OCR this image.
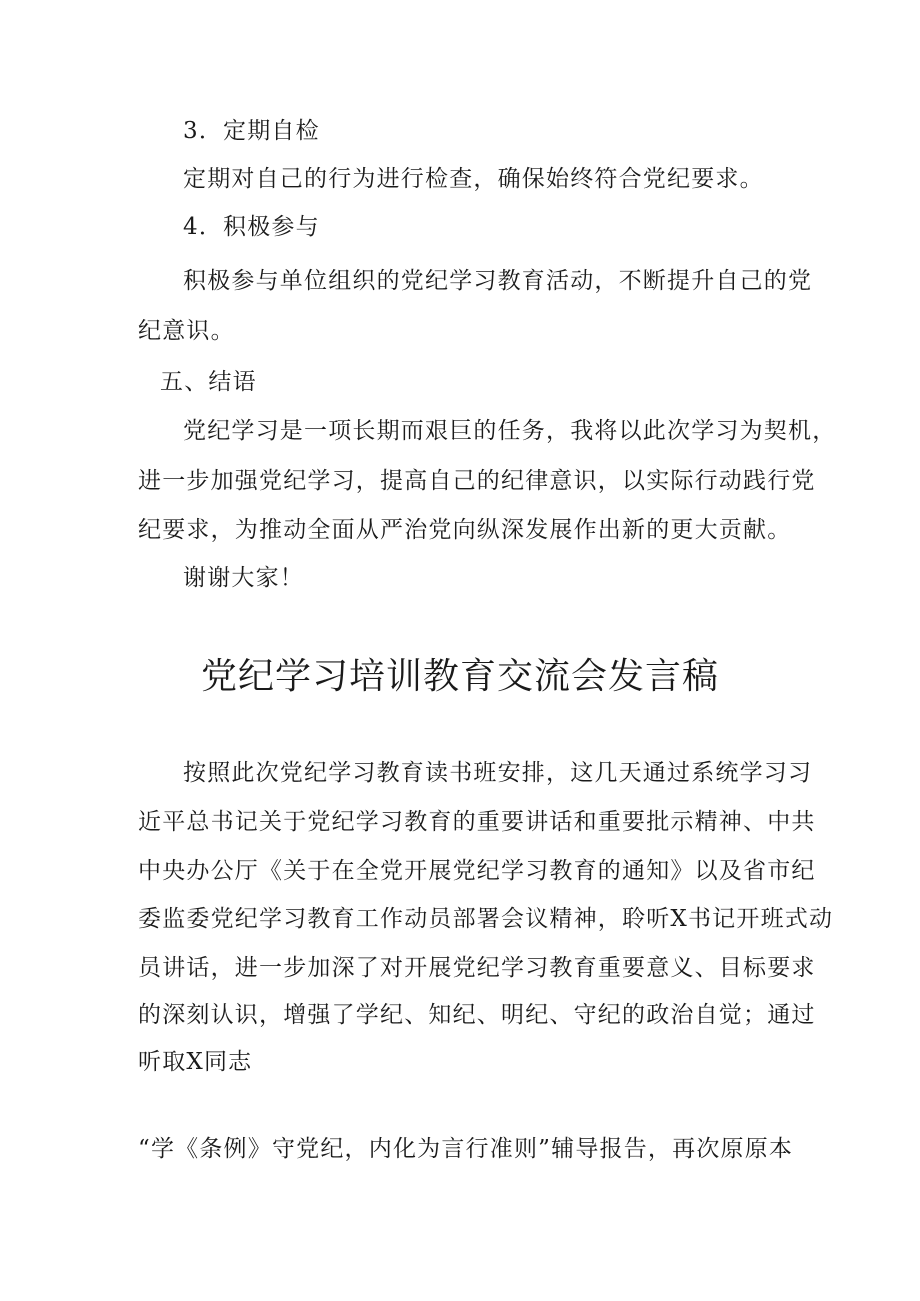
3．定期自检
定期对自己的行为进行检查，确保始终符合党纪要求。
4．积极参与
积极参与单位组织的党纪学习教育活动，不断提升自己的党
纪意识。
五、结语
党纪学习是一项长期而艰巨的任务，我将以此次学习为契机，
进一步加强党纪学习，提高自己的纪律意识，以实际行动践行党
纪要求，为推动全面从严治党向纵深发展作出新的更大贡献。
谢谢大家！
党纪学习培训教育交流会发言稿
按照此次党纪学习教育读书班安排，这几天通过系统学习习
近平总书记关于党纪学习教育的重要讲话和重要批示精神、中共
中央办公厅《关于在全党开展党纪学习教育的通知》以及省市纪
委监委党纪学习教育工作动员部署会议精神，聆听X书记开班式动
员讲话，进一步加深了对开展党纪学习教育重要意义、目标要求
的深刻认识，增强了学纪、知纪、明纪、守纪的政治自觉；通过
听取X同志
“学《条例》守党纪，内化为言行准则”辅导报告，再次原原本
